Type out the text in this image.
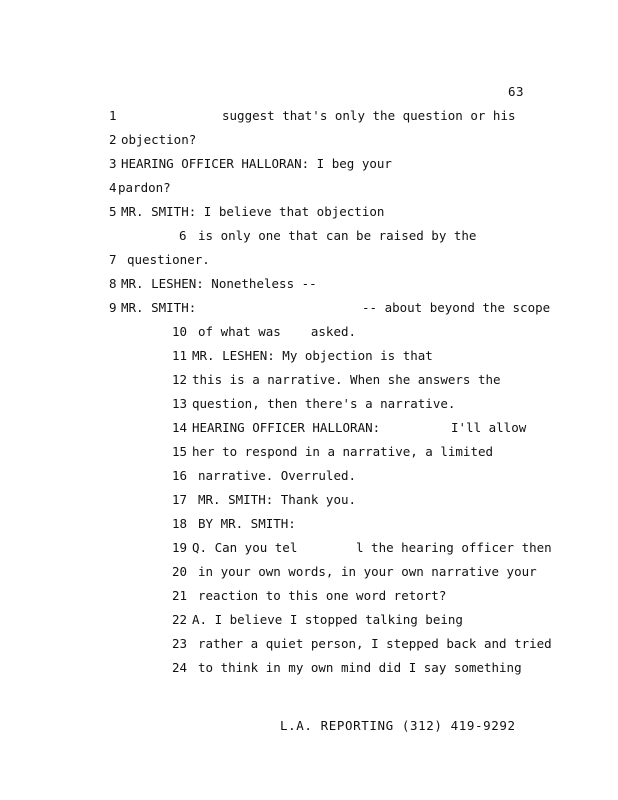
63

1

	suggest that's only the question or his

2

objection?

3

HEARING OFFICER HALLORAN: I beg your

4

pardon?

5

MR. SMITH: I believe that objection

6

is only one that can be raised by the

7

questioner.

8

MR. LESHEN: Nonetheless --

9

MR. SMITH:

	-- about beyond the scope

10

of what was    asked.

11

MR. LESHEN: My objection is that

12

this is a narrative. When she answers the

13

question, then there's a narrative.

14

HEARING OFFICER HALLORAN:

	I'll allow

15

her to respond in a narrative, a limited

16

narrative. Overruled.

17

MR. SMITH: Thank you.

18

BY MR. SMITH:

19

Q. Can you tel

	l the hearing officer then

20

in your own words, in your own narrative your

21

reaction to this one word retort?

22

A. I believe I stopped talking being

23

rather a quiet person, I stepped back and tried

24

to think in my own mind did I say something

L.A. REPORTING (312) 419-9292
